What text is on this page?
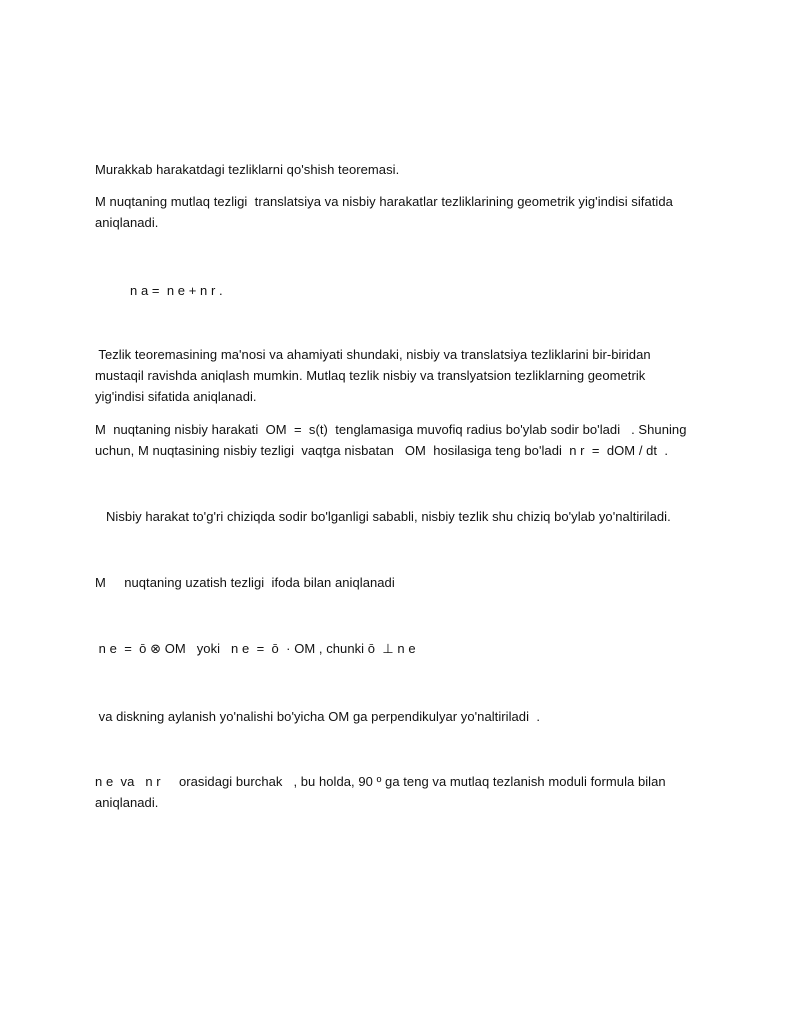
Murakkab harakatdagi tezliklarni qo'shish teoremasi.
M nuqtaning mutlaq tezligi  translatsiya va nisbiy harakatlar tezliklarining geometrik yig'indisi sifatida
aniqlanadi.
n a =  n e + n r .
Tezlik teoremasining ma'nosi va ahamiyati shundaki, nisbiy va translatsiya tezliklarini bir-biridan
mustaqil ravishda aniqlash mumkin. Mutlaq tezlik nisbiy va translyatsion tezliklarning geometrik
yig'indisi sifatida aniqlanadi.
M  nuqtaning nisbiy harakati  OM  =  s(t)  tenglamasiga muvofiq radius bo'ylab sodir bo'ladi   . Shuning
uchun, M nuqtasining nisbiy tezligi  vaqtga nisbatan   OM  hosilasiga teng bo'ladi  n r  =  dOM / dt  .
Nisbiy harakat to'g'ri chiziqda sodir bo'lganligi sababli, nisbiy tezlik shu chiziq bo'ylab yo'naltiriladi.
M     nuqtaning uzatish tezligi  ifoda bilan aniqlanadi
n e  =  ō ⊗ OM   yoki   n e  =  ō  · OM , chunki ō  ⊥ n e
va diskning aylanish yo'nalishi bo'yicha OM ga perpendikulyar yo'naltiriladi  .
n e  va   n r     orasidagi burchak   , bu holda, 90 º ga teng va mutlaq tezlanish moduli formula bilan
aniqlanadi.
